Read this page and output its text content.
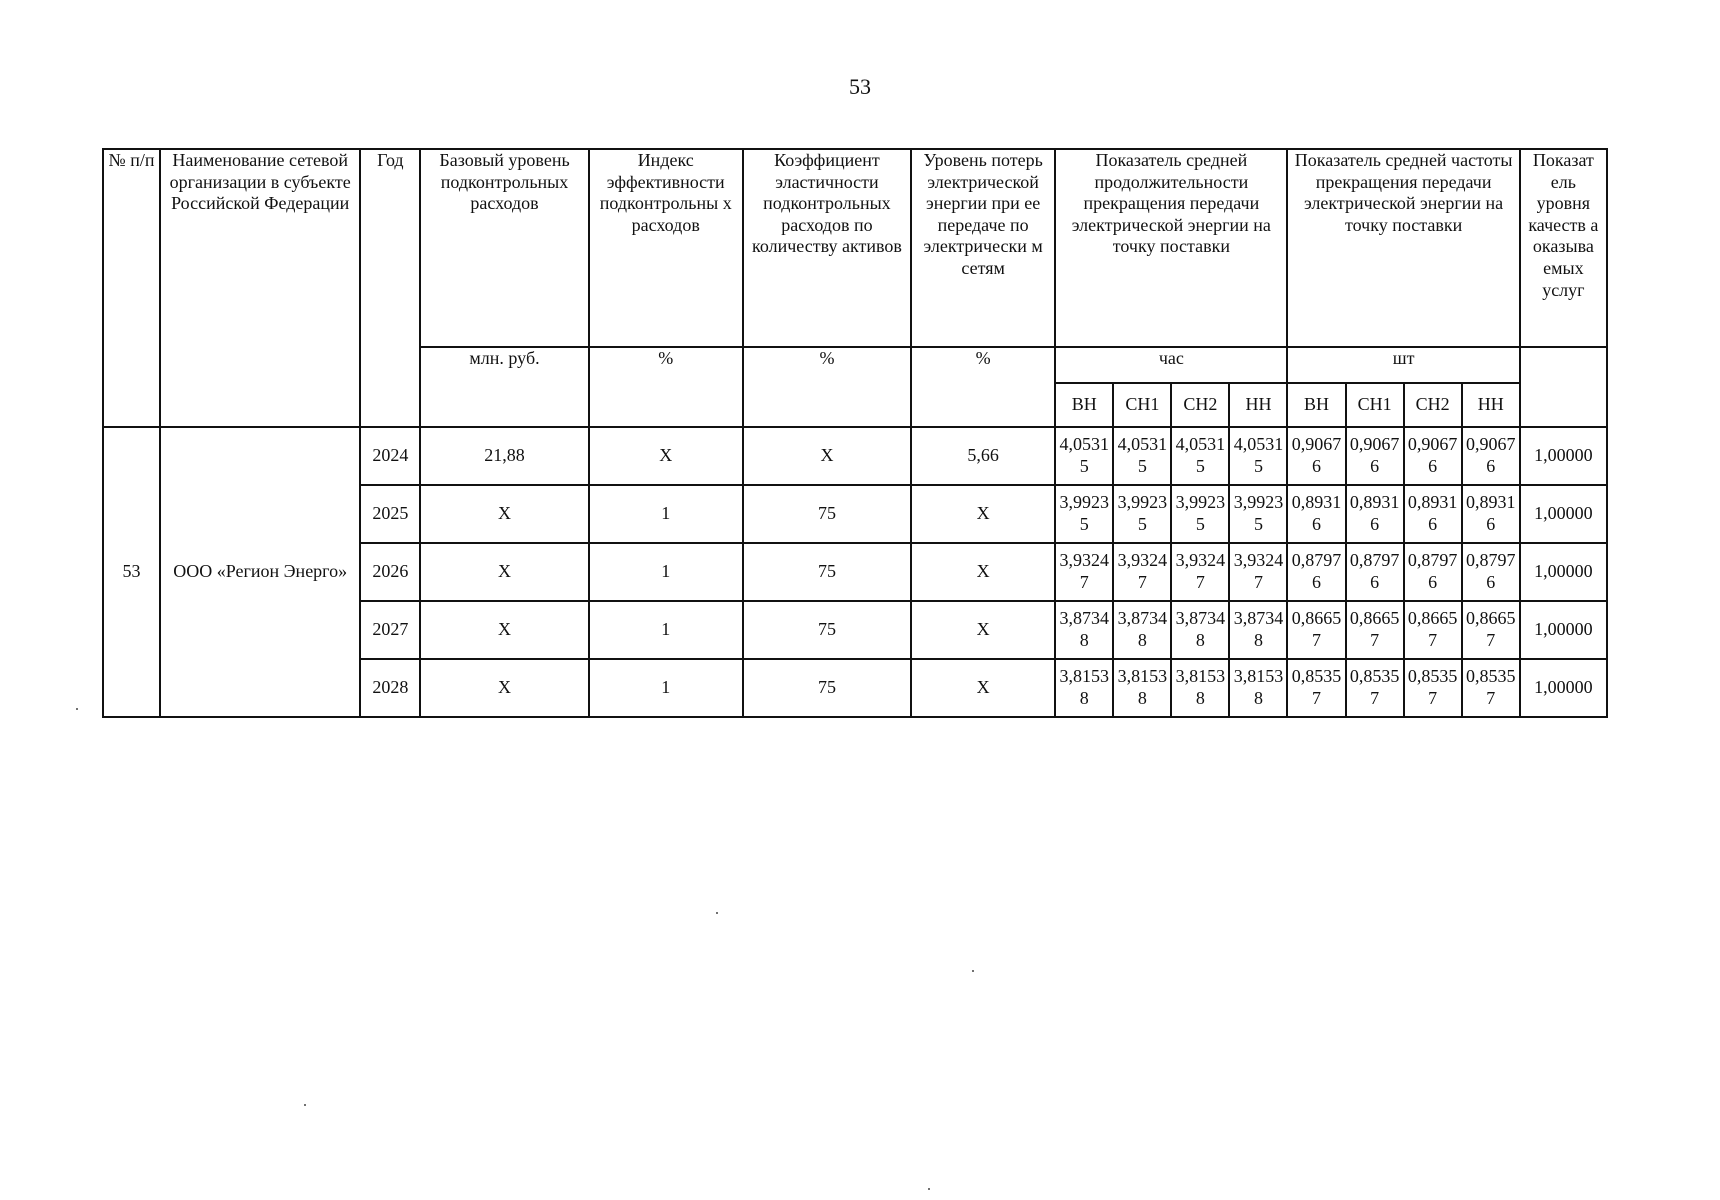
53
№ п/п	Наименование сетевой организации в субъекте Российской Федерации	Год	Базовый уровень подконтрольных расходов	Индекс эффективности подконтрольны х расходов	Коэффициент эластичности подконтрольных расходов по количеству активов	Уровень потерь электрической энергии при ее передаче по электрически м сетям	Показатель средней продолжительности прекращения передачи электрической энергии на точку поставки				Показатель средней частоты прекращения передачи электрической энергии на точку поставки				Показат ель уровня качеств а оказыва емых услуг
			млн. руб.	%	%	%	час				шт				
							ВН	СН1	СН2	НН	ВН	СН1	СН2	НН	
53	ООО «Регион Энерго»	2024	21,88	X	X	5,66	4,0531 5	4,0531 5	4,0531 5	4,0531 5	0,9067 6	0,9067 6	0,9067 6	0,9067 6	1,00000
		2025	X	1	75	X	3,9923 5	3,9923 5	3,9923 5	3,9923 5	0,8931 6	0,8931 6	0,8931 6	0,8931 6	1,00000
		2026	X	1	75	X	3,9324 7	3,9324 7	3,9324 7	3,9324 7	0,8797 6	0,8797 6	0,8797 6	0,8797 6	1,00000
		2027	X	1	75	X	3,8734 8	3,8734 8	3,8734 8	3,8734 8	0,8665 7	0,8665 7	0,8665 7	0,8665 7	1,00000
		2028	X	1	75	X	3,8153 8	3,8153 8	3,8153 8	3,8153 8	0,8535 7	0,8535 7	0,8535 7	0,8535 7	1,00000
